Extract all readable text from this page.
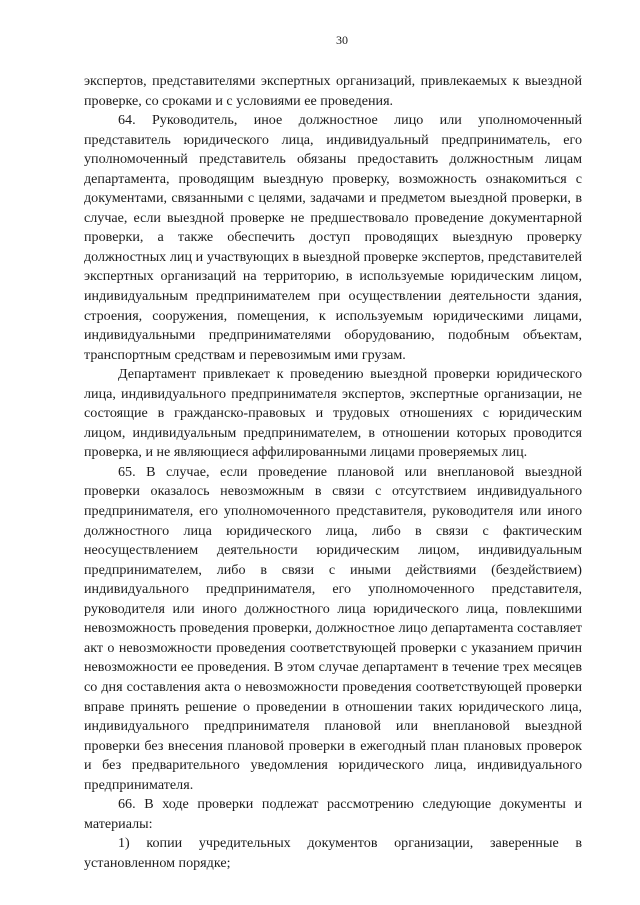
30

экспертов, представителями экспертных организаций, привлекаемых к выездной проверке, со сроками и с условиями ее проведения.

64. Руководитель, иное должностное лицо или уполномоченный представитель юридического лица, индивидуальный предприниматель, его уполномоченный представитель обязаны предоставить должностным лицам департамента, проводящим выездную проверку, возможность ознакомиться с документами, связанными с целями, задачами и предметом выездной проверки, в случае, если выездной проверке не предшествовало проведение документарной проверки, а также обеспечить доступ проводящих выездную проверку должностных лиц и участвующих в выездной проверке экспертов, представителей экспертных организаций на территорию, в используемые юридическим лицом, индивидуальным предпринимателем при осуществлении деятельности здания, строения, сооружения, помещения, к используемым юридическими лицами, индивидуальными предпринимателями оборудованию, подобным объектам, транспортным средствам и перевозимым ими грузам.

Департамент привлекает к проведению выездной проверки юридического лица, индивидуального предпринимателя экспертов, экспертные организации, не состоящие в гражданско-правовых и трудовых отношениях с юридическим лицом, индивидуальным предпринимателем, в отношении которых проводится проверка, и не являющиеся аффилированными лицами проверяемых лиц.

65. В случае, если проведение плановой или внеплановой выездной проверки оказалось невозможным в связи с отсутствием индивидуального предпринимателя, его уполномоченного представителя, руководителя или иного должностного лица юридического лица, либо в связи с фактическим неосуществлением деятельности юридическим лицом, индивидуальным предпринимателем, либо в связи с иными действиями (бездействием) индивидуального предпринимателя, его уполномоченного представителя, руководителя или иного должностного лица юридического лица, повлекшими невозможность проведения проверки, должностное лицо департамента составляет акт о невозможности проведения соответствующей проверки с указанием причин невозможности ее проведения. В этом случае департамент в течение трех месяцев со дня составления акта о невозможности проведения соответствующей проверки вправе принять решение о проведении в отношении таких юридического лица, индивидуального предпринимателя плановой или внеплановой выездной проверки без внесения плановой проверки в ежегодный план плановых проверок и без предварительного уведомления юридического лица, индивидуального предпринимателя.

66. В ходе проверки подлежат рассмотрению следующие документы и материалы:

1) копии учредительных документов организации, заверенные в установленном порядке;
